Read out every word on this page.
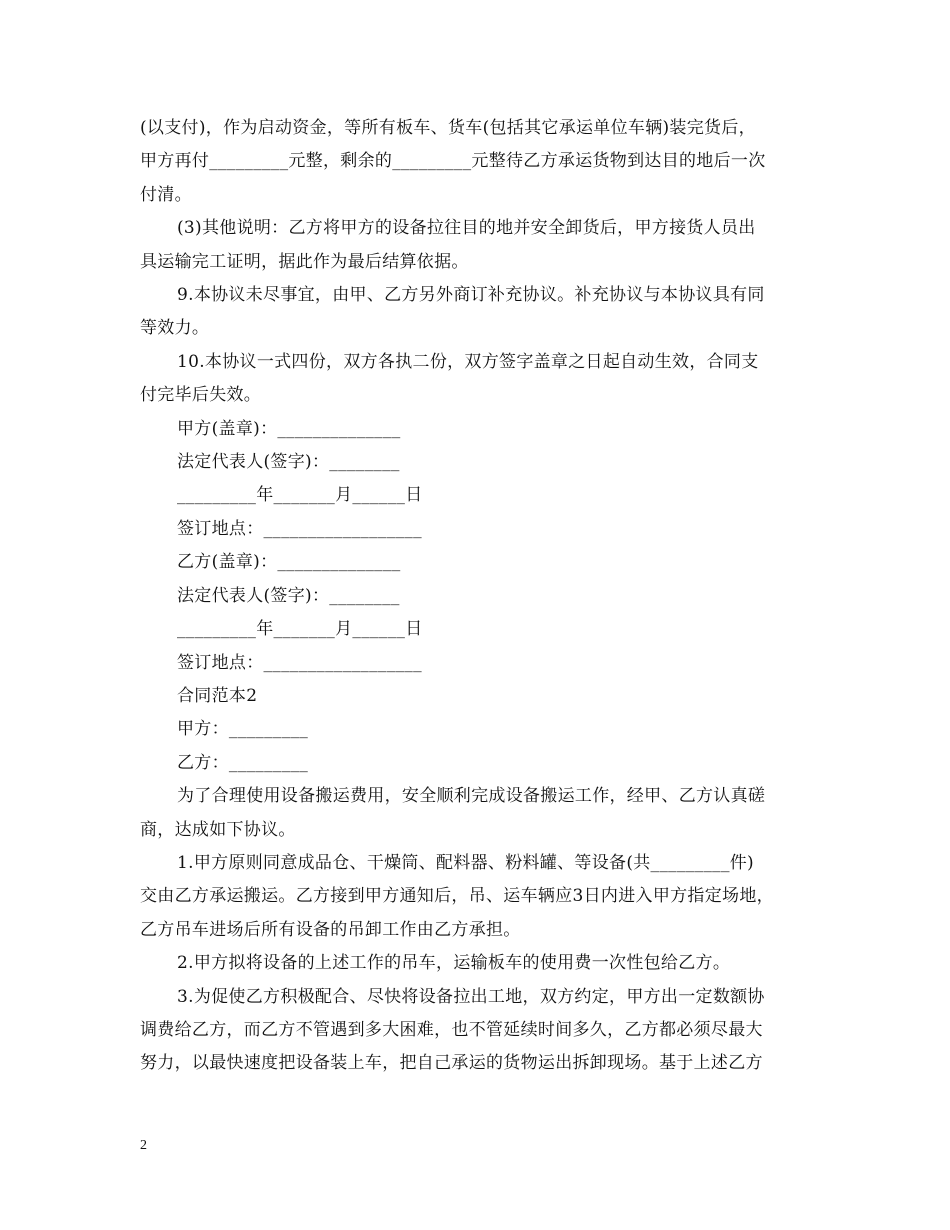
(以支付)，作为启动资金，等所有板车、货车(包括其它承运单位车辆)装完货后，

甲方再付_________元整，剩余的_________元整待乙方承运货物到达目的地后一次

付清。

(3)其他说明：乙方将甲方的设备拉往目的地并安全卸货后，甲方接货人员出

具运输完工证明，据此作为最后结算依据。

9.本协议未尽事宜，由甲、乙方另外商订补充协议。补充协议与本协议具有同

等效力。

10.本协议一式四份，双方各执二份，双方签字盖章之日起自动生效，合同支

付完毕后失效。

甲方(盖章)：______________

法定代表人(签字)：________

_________年_______月______日

签订地点：__________________

乙方(盖章)：______________

法定代表人(签字)：________

_________年_______月______日

签订地点：__________________

合同范本2

甲方：_________

乙方：_________

为了合理使用设备搬运费用，安全顺利完成设备搬运工作，经甲、乙方认真磋

商，达成如下协议。

1.甲方原则同意成品仓、干燥筒、配料器、粉料罐、等设备(共_________件)

交由乙方承运搬运。乙方接到甲方通知后，吊、运车辆应3日内进入甲方指定场地，

乙方吊车进场后所有设备的吊卸工作由乙方承担。

2.甲方拟将设备的上述工作的吊车，运输板车的使用费一次性包给乙方。

3.为促使乙方积极配合、尽快将设备拉出工地，双方约定，甲方出一定数额协

调费给乙方，而乙方不管遇到多大困难，也不管延续时间多久，乙方都必须尽最大

努力，以最快速度把设备装上车，把自己承运的货物运出拆卸现场。基于上述乙方

2
